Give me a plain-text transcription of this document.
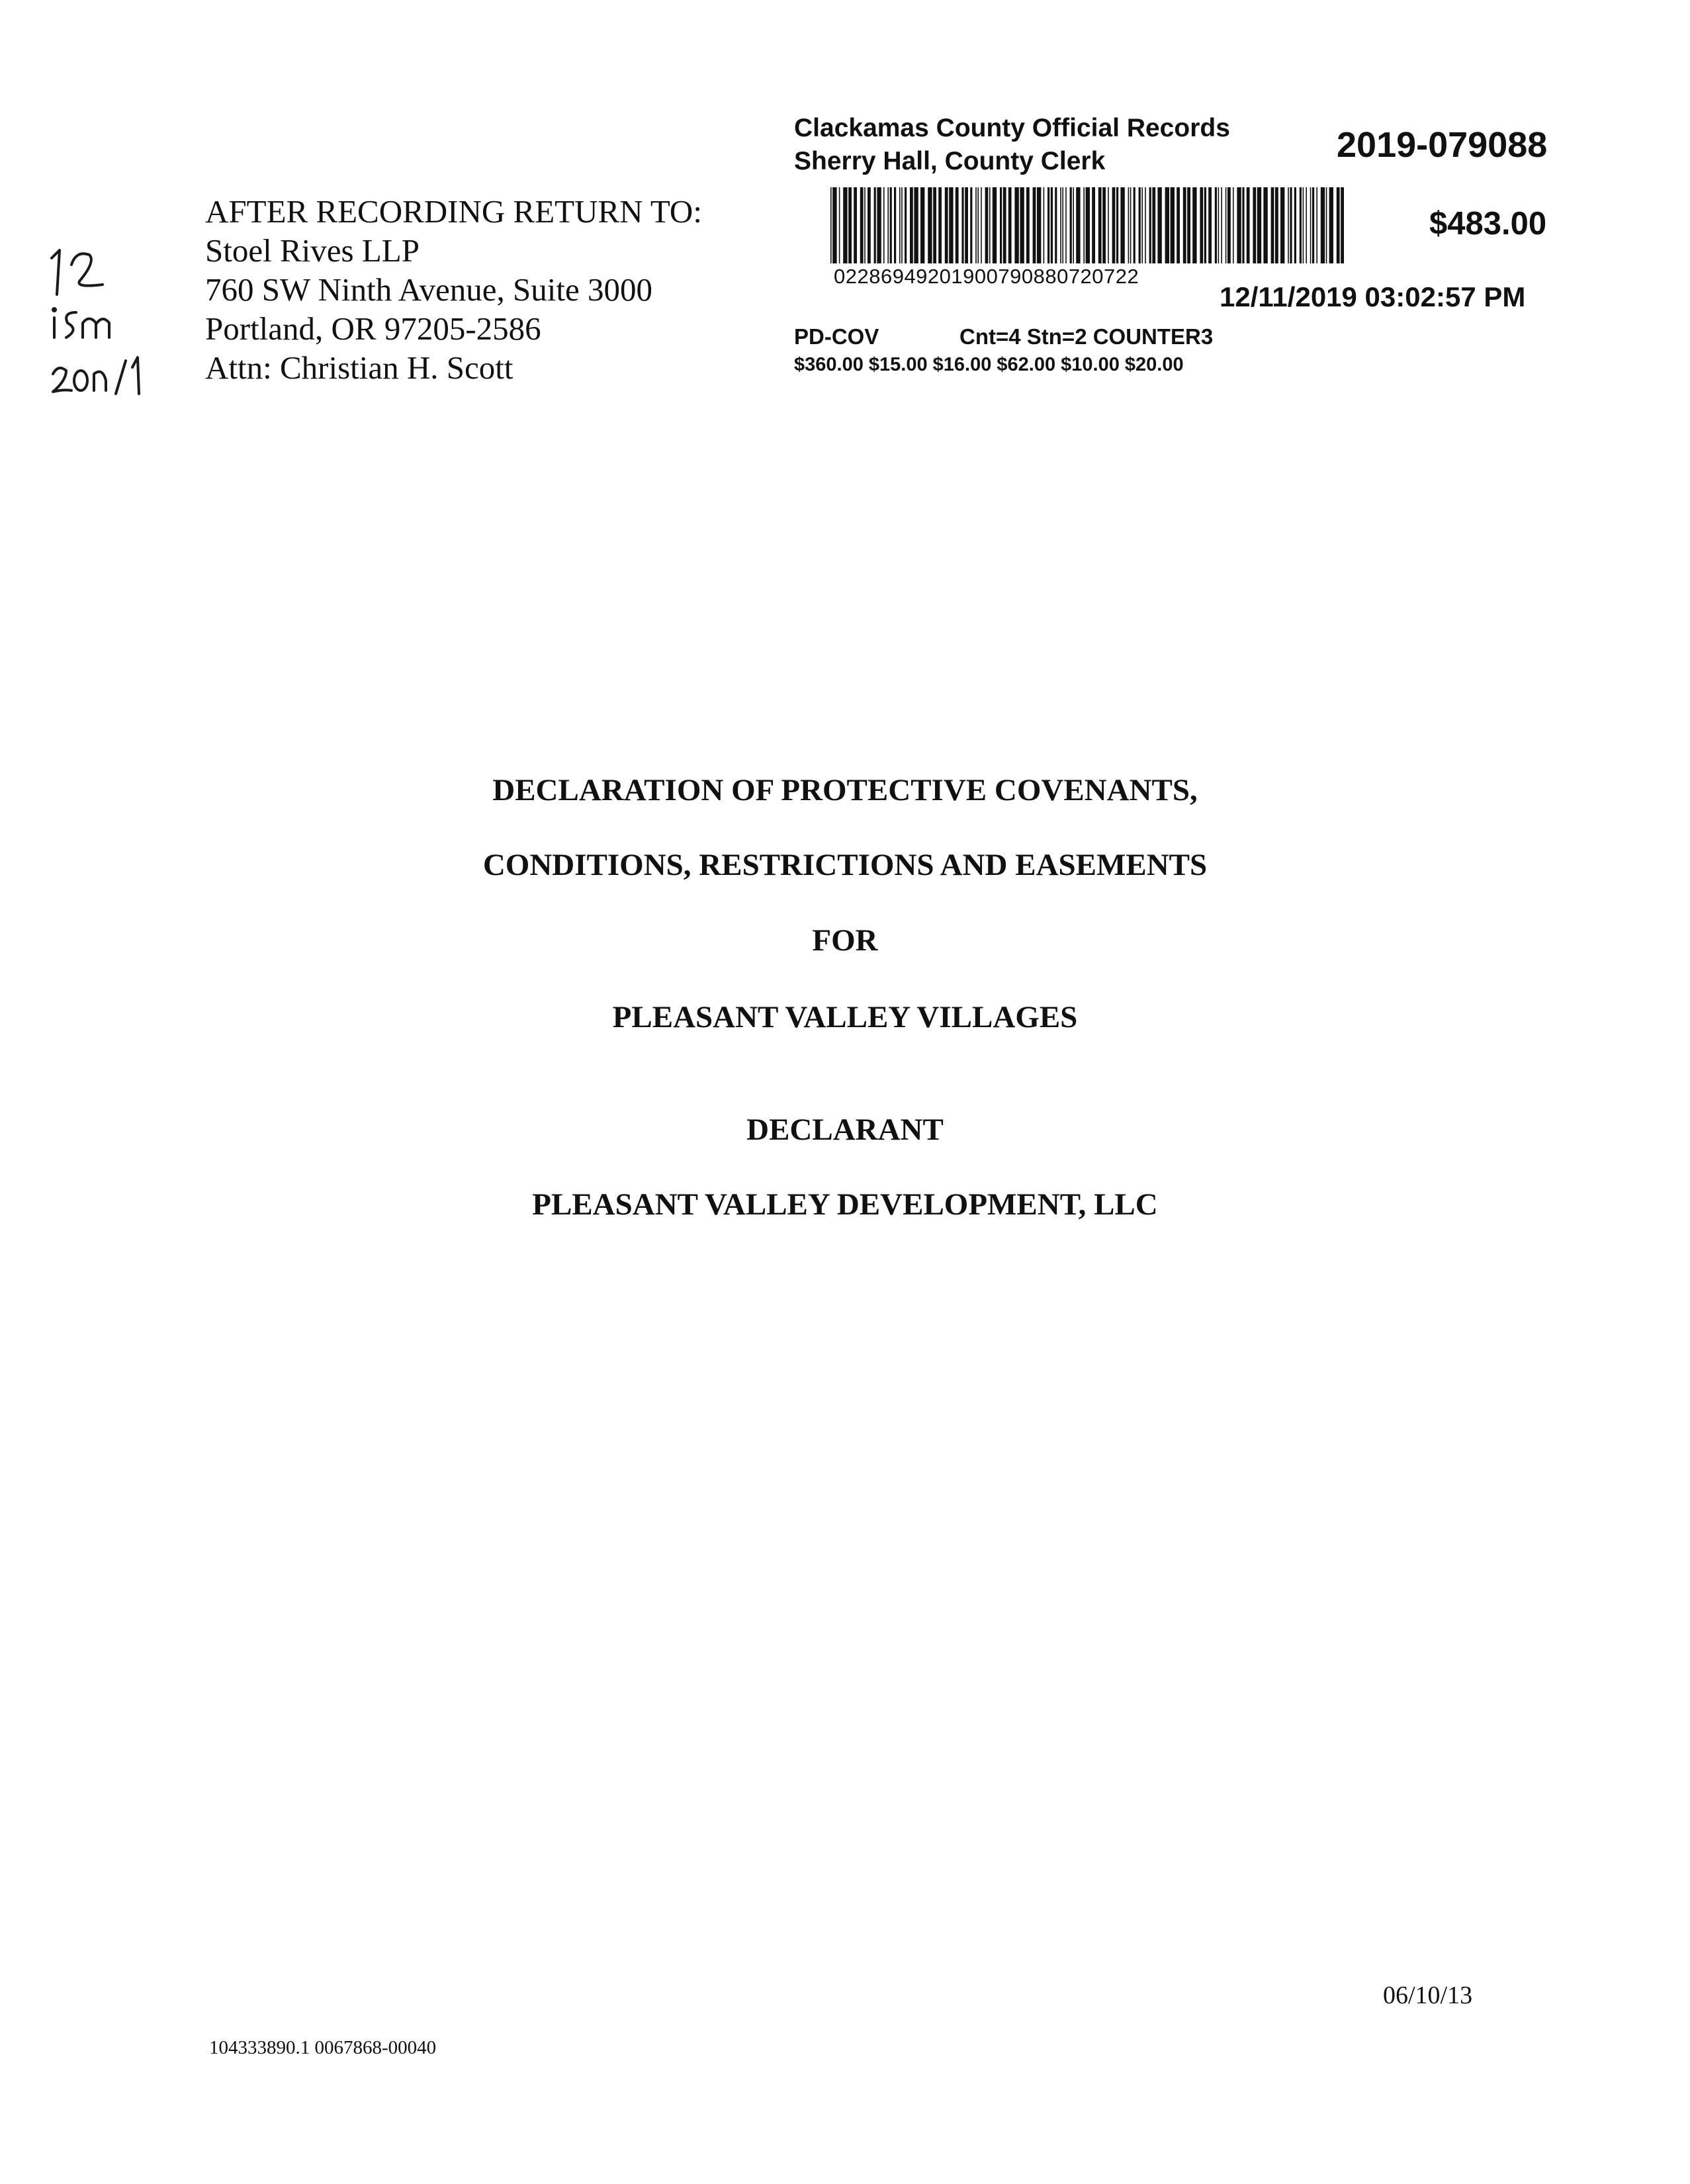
AFTER RECORDING RETURN TO:
Stoel Rives LLP
760 SW Ninth Avenue, Suite 3000
Portland, OR 97205-2586
Attn: Christian H. Scott
Clackamas County Official Records
Sherry Hall, County Clerk	2019-079088
02286949201900790880720722
$483.00
12/11/2019 03:02:57 PM
PD-COV	Cnt=4 Stn=2 COUNTER3
$360.00 $15.00 $16.00 $62.00 $10.00 $20.00
DECLARATION OF PROTECTIVE COVENANTS,
CONDITIONS, RESTRICTIONS AND EASEMENTS
FOR
PLEASANT VALLEY VILLAGES
DECLARANT
PLEASANT VALLEY DEVELOPMENT, LLC
06/10/13
104333890.1 0067868-00040
